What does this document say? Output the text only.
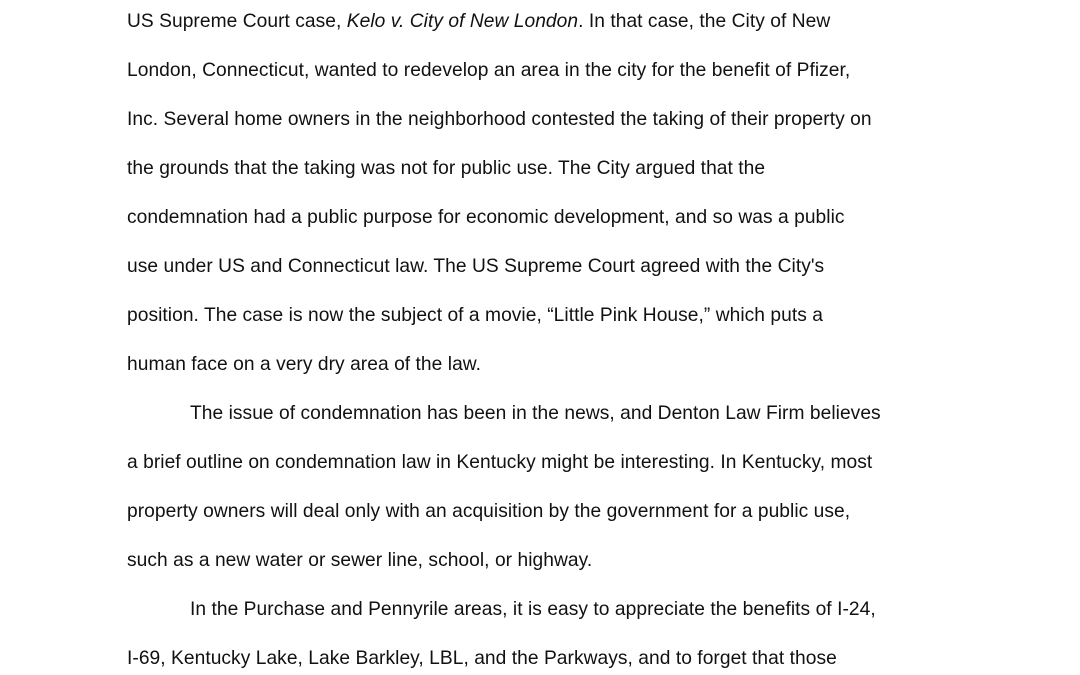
US Supreme Court case, Kelo v. City of New London. In that case, the City of New
London, Connecticut, wanted to redevelop an area in the city for the benefit of Pfizer,
Inc. Several home owners in the neighborhood contested the taking of their property on
the grounds that the taking was not for public use. The City argued that the
condemnation had a public purpose for economic development, and so was a public
use under US and Connecticut law. The US Supreme Court agreed with the City's
position. The case is now the subject of a movie, “Little Pink House,” which puts a
human face on a very dry area of the law.
The issue of condemnation has been in the news, and Denton Law Firm believes
a brief outline on condemnation law in Kentucky might be interesting. In Kentucky, most
property owners will deal only with an acquisition by the government for a public use,
such as a new water or sewer line, school, or highway.
In the Purchase and Pennyrile areas, it is easy to appreciate the benefits of I-24,
I-69, Kentucky Lake, Lake Barkley, LBL, and the Parkways, and to forget that those
